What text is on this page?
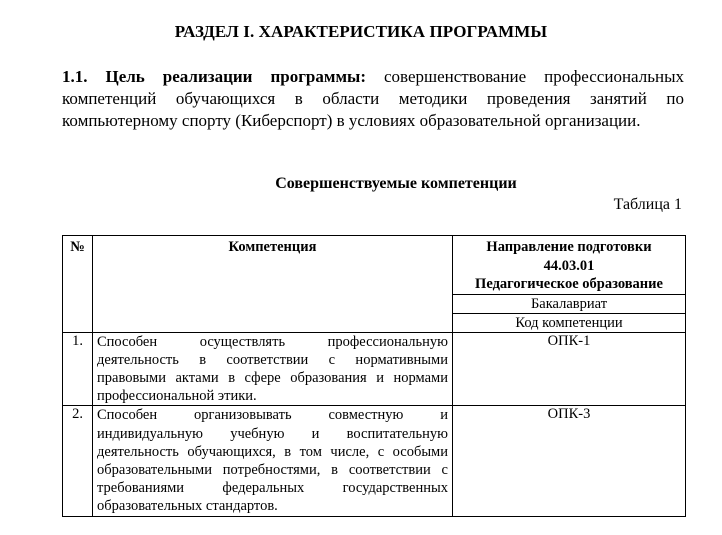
РАЗДЕЛ I. ХАРАКТЕРИСТИКА ПРОГРАММЫ
1.1. Цель реализации программы: совершенствование профессиональных компетенций обучающихся в области методики проведения занятий по компьютерному спорту (Киберспорт) в условиях образовательной организации.
Совершенствуемые компетенции
Таблица 1
№	Компетенция	Направление подготовки
44.03.01
Педагогическое образование

		Бакалавриат
		Код компетенции
1.	Способен осуществлять профессиональную деятельность в соответствии с нормативными правовыми актами в сфере образования и нормами профессиональной этики.	ОПК-1
2.	Способен организовывать совместную и индивидуальную учебную и воспитательную деятельность обучающихся, в том числе, с особыми образовательными потребностями, в соответствии с требованиями федеральных государственных образовательных стандартов.	ОПК-3
